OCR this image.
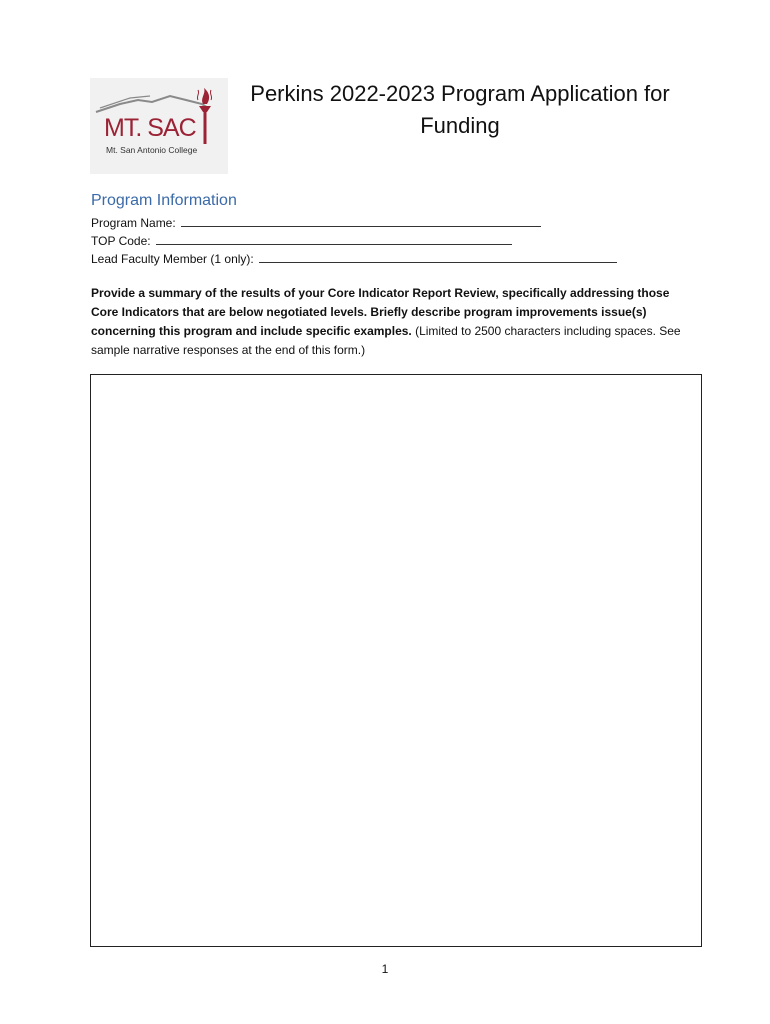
MT. SAC
Mt. San Antonio College
Perkins 2022-2023 Program Application for
Funding
Program Information
Program Name:
TOP Code:
Lead Faculty Member (1 only):
Provide a summary of the results of your Core Indicator Report Review, specifically addressing those Core Indicators that are below negotiated levels. Briefly describe program improvements issue(s) concerning this program and include specific examples. (Limited to 2500 characters including spaces. See sample narrative responses at the end of this form.)
1
